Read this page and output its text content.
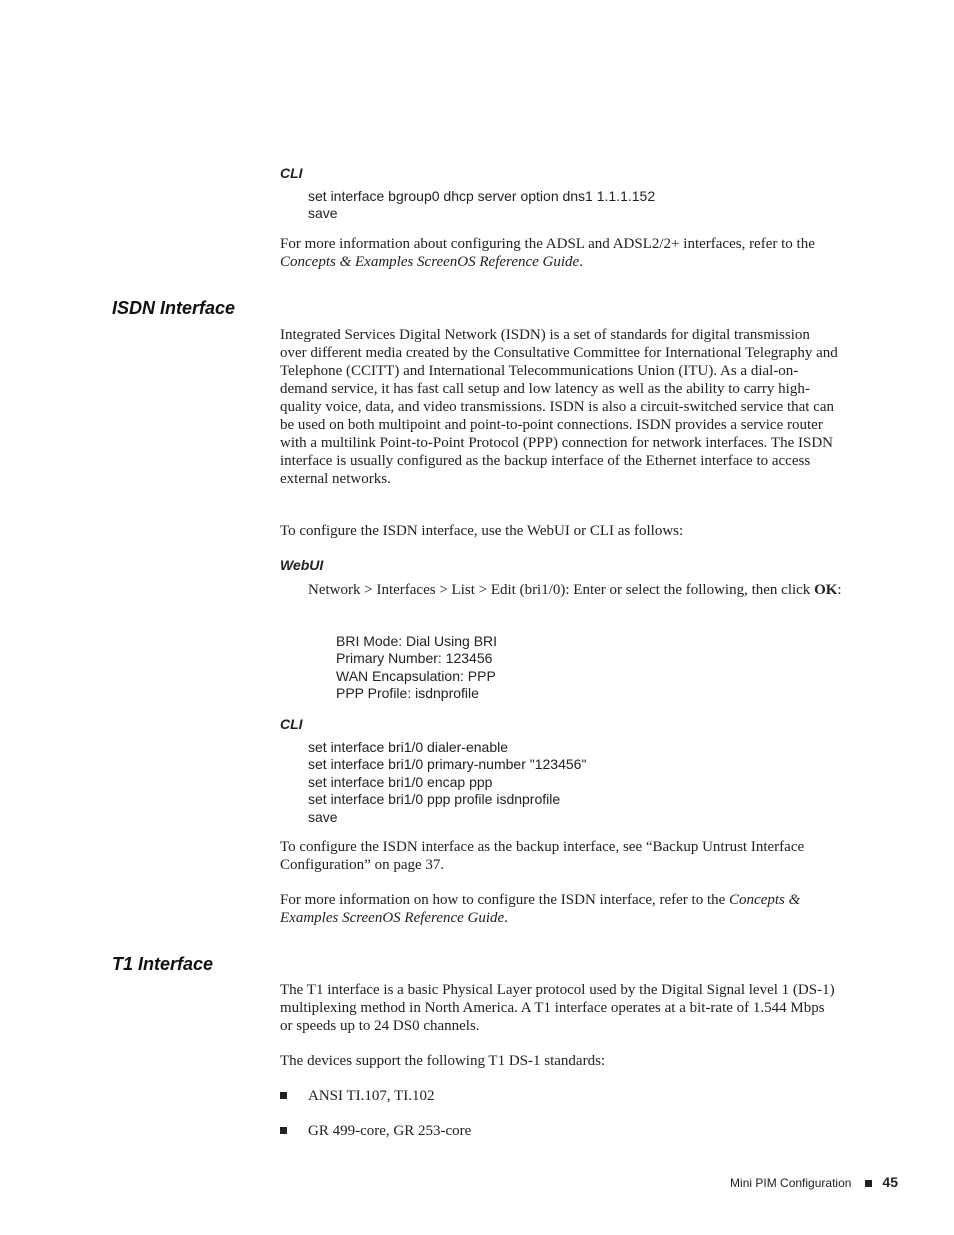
CLI
set interface bgroup0 dhcp server option dns1 1.1.1.152
save
For more information about configuring the ADSL and ADSL2/2+ interfaces, refer to the Concepts & Examples ScreenOS Reference Guide.
ISDN Interface
Integrated Services Digital Network (ISDN) is a set of standards for digital transmission over different media created by the Consultative Committee for International Telegraphy and Telephone (CCITT) and International Telecommunications Union (ITU). As a dial-on-demand service, it has fast call setup and low latency as well as the ability to carry high-quality voice, data, and video transmissions. ISDN is also a circuit-switched service that can be used on both multipoint and point-to-point connections. ISDN provides a service router with a multilink Point-to-Point Protocol (PPP) connection for network interfaces. The ISDN interface is usually configured as the backup interface of the Ethernet interface to access external networks.
To configure the ISDN interface, use the WebUI or CLI as follows:
WebUI
Network > Interfaces > List > Edit (bri1/0): Enter or select the following, then click OK:
BRI Mode: Dial Using BRI
Primary Number: 123456
WAN Encapsulation: PPP
PPP Profile: isdnprofile
CLI
set interface bri1/0 dialer-enable
set interface bri1/0 primary-number "123456"
set interface bri1/0 encap ppp
set interface bri1/0 ppp profile isdnprofile
save
To configure the ISDN interface as the backup interface, see “Backup Untrust Interface Configuration” on page 37.
For more information on how to configure the ISDN interface, refer to the Concepts & Examples ScreenOS Reference Guide.
T1 Interface
The T1 interface is a basic Physical Layer protocol used by the Digital Signal level 1 (DS-1) multiplexing method in North America. A T1 interface operates at a bit-rate of 1.544 Mbps or speeds up to 24 DS0 channels.
The devices support the following T1 DS-1 standards:
ANSI TI.107, TI.102
GR 499-core, GR 253-core
Mini PIM Configuration 45
